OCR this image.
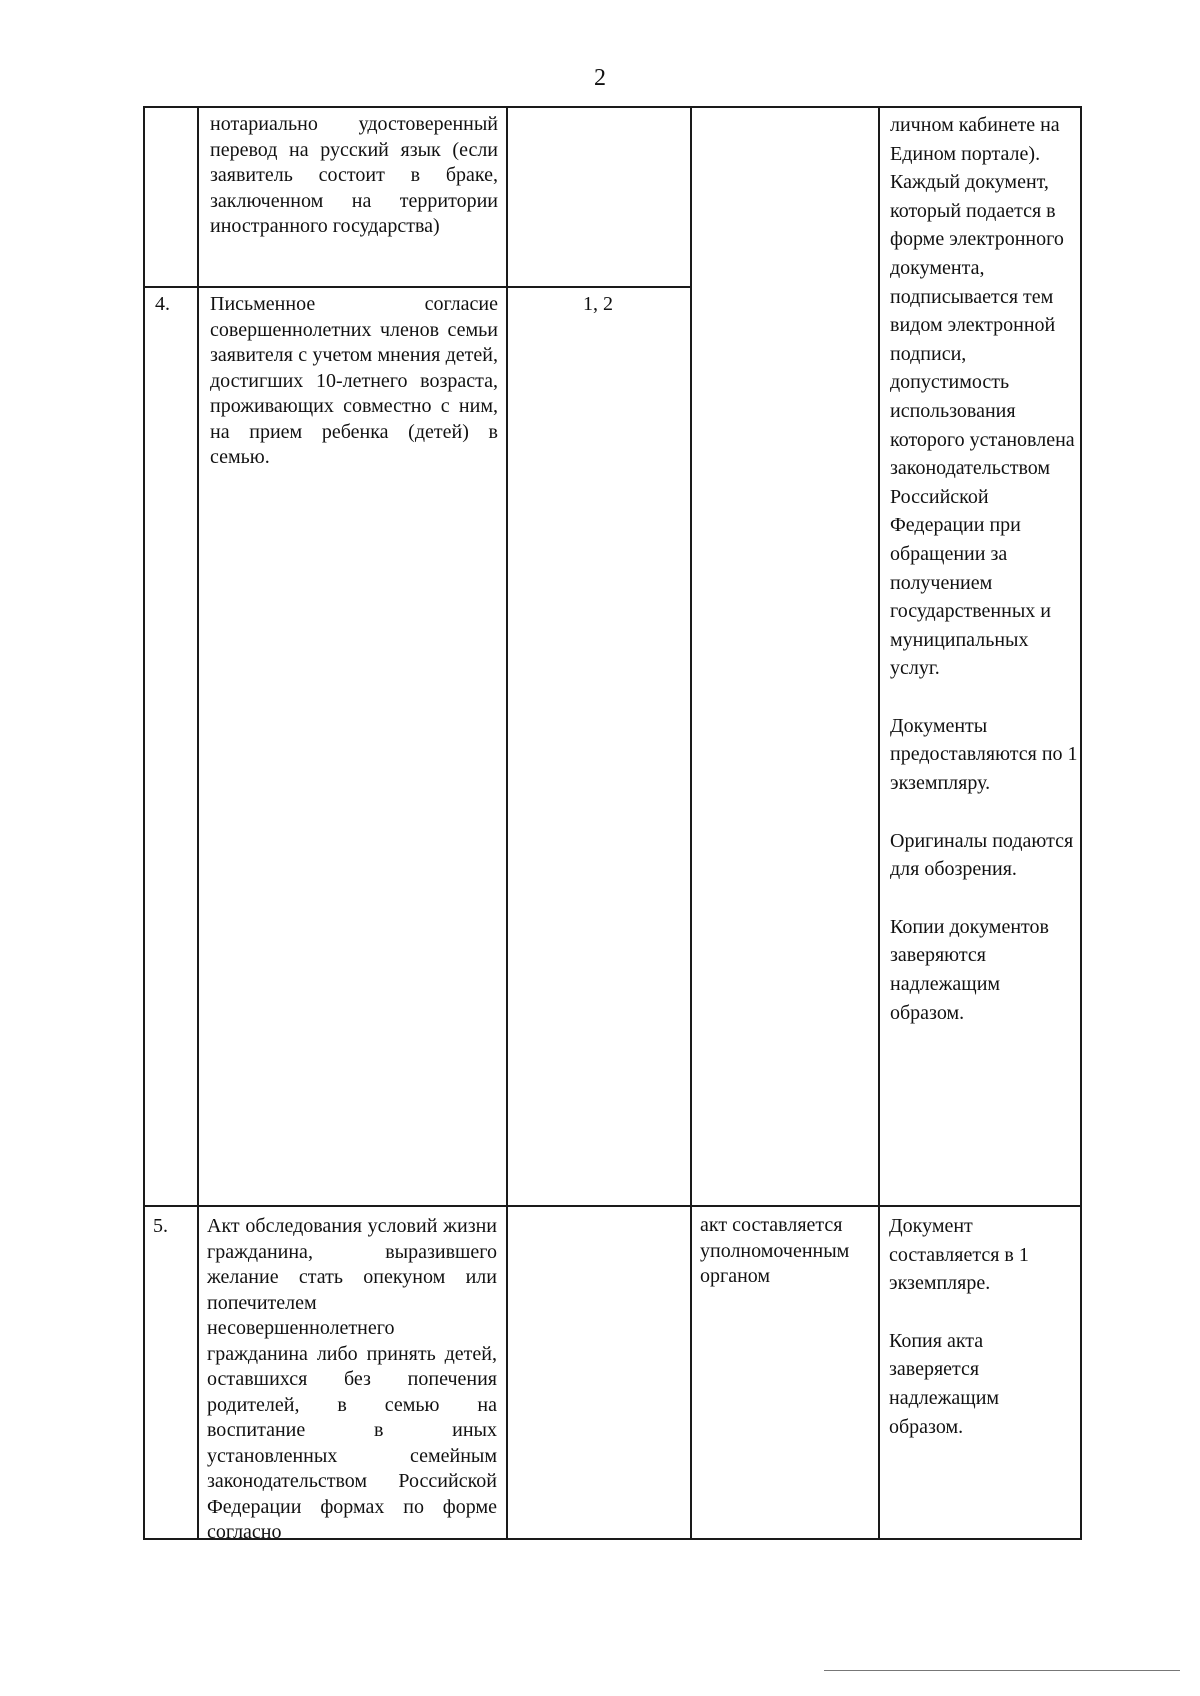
2
нотариально удостоверенный перевод на русский язык (если заявитель состоит в браке, заключенном на территории иностранного государства)
4.	Письменное согласие совершеннолетних членов семьи заявителя с учетом мнения детей, достигших 10-летнего возраста, проживающих совместно с ним, на прием ребенка (детей) в семью.
1, 2

личном кабинете на Едином портале). Каждый документ, который подается в форме электронного документа, подписывается тем видом электронной подписи, допустимость использования которого установлена законодательством Российской Федерации при обращении за получением государственных и муниципальных услуг.

Документы предоставляются по 1 экземпляру.

Оригиналы подаются для обозрения.

Копии документов заверяются надлежащим образом.

5.	Акт обследования условий жизни гражданина, выразившего желание стать опекуном или попечителем несовершеннолетнего гражданина либо принять детей, оставшихся без попечения родителей, в семью на воспитание в иных установленных семейным законодательством Российской Федерации формах по форме согласно
акт составляется уполномоченным органом

Документ составляется в 1 экземпляре.

Копия акта заверяется надлежащим образом.
